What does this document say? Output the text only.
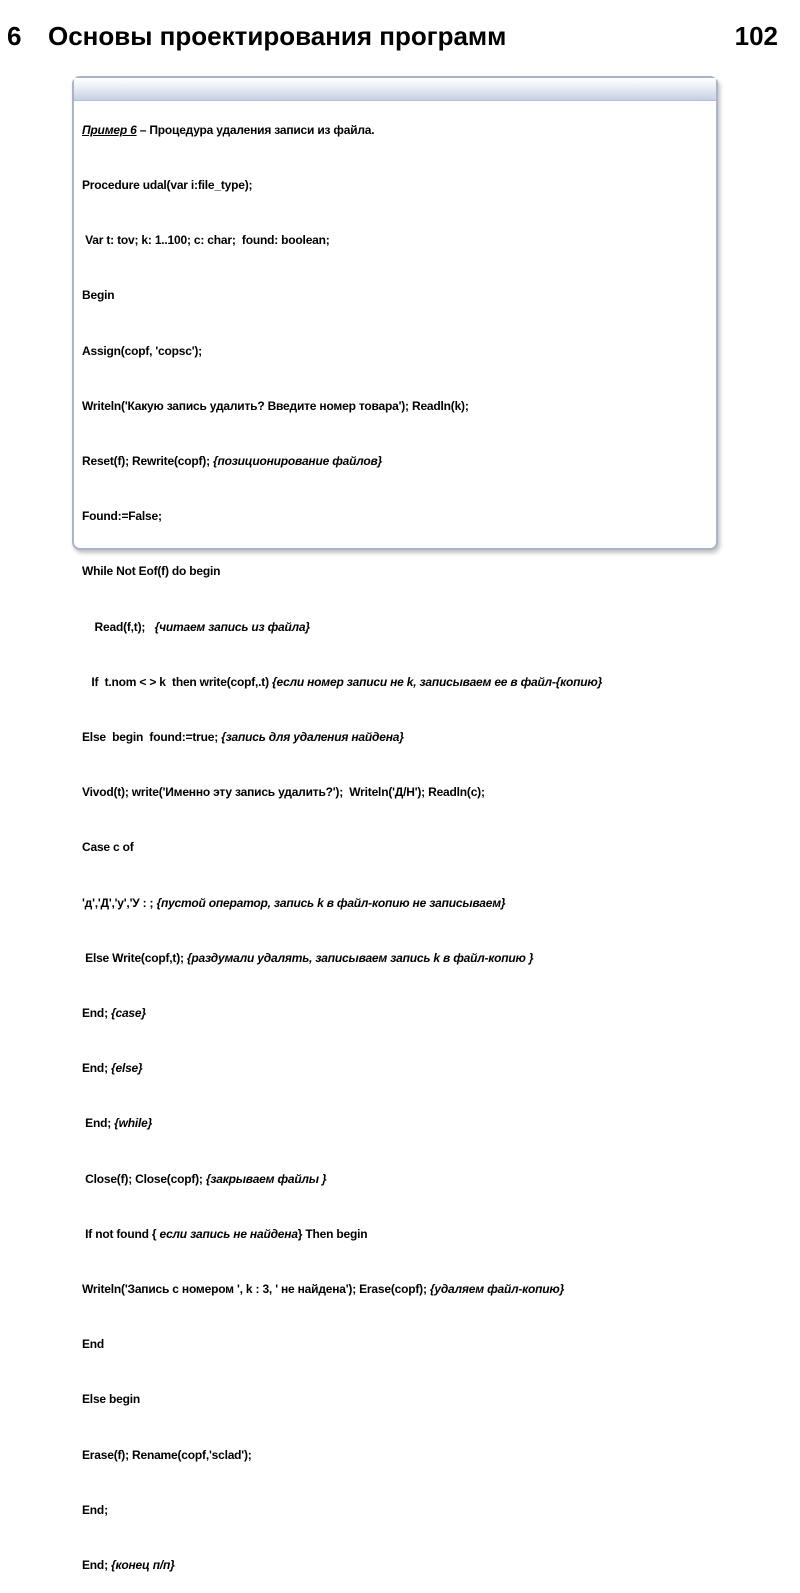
6 Основы проектирования программ	102

Пример 6 – Процедура удаления записи из файла.

Procedure udal(var i:file_type);

Var t: tov; k: 1..100; c: char;  found: boolean;

Begin

Assign(copf, 'copsc');

Writeln('Какую запись удалить? Введите номер товара'); Readln(k);

Reset(f); Rewrite(copf); {позиционирование файлов}

Found:=False;

While Not Eof(f) do begin

Read(f,t);   {читаем запись из файла}

If  t.nom < > k  then write(copf,.t) {если номер записи не k, записываем ее в файл-{копию}

Else  begin  found:=true; {запись для удаления найдена}

Vivod(t); write('Именно эту запись удалить?');  Writeln('Д/Н'); Readln(c);

Case c of

'д','Д','у','У : ; {пустой оператор, запись k в файл-копию не записываем}

Else Write(copf,t); {раздумали удалять, записываем запись k в файл-копию }

End; {case}

End; {else}

End; {while}

Close(f); Close(copf); {закрываем файлы }

If not found { если запись не найдена} Then begin

Writeln('Запись с номером ', k : 3, ' не найдена'); Erase(copf); {удаляем файл-копию}

End

Else begin

Erase(f); Rename(copf,'sclad');

End;

End; {конец п/п}
